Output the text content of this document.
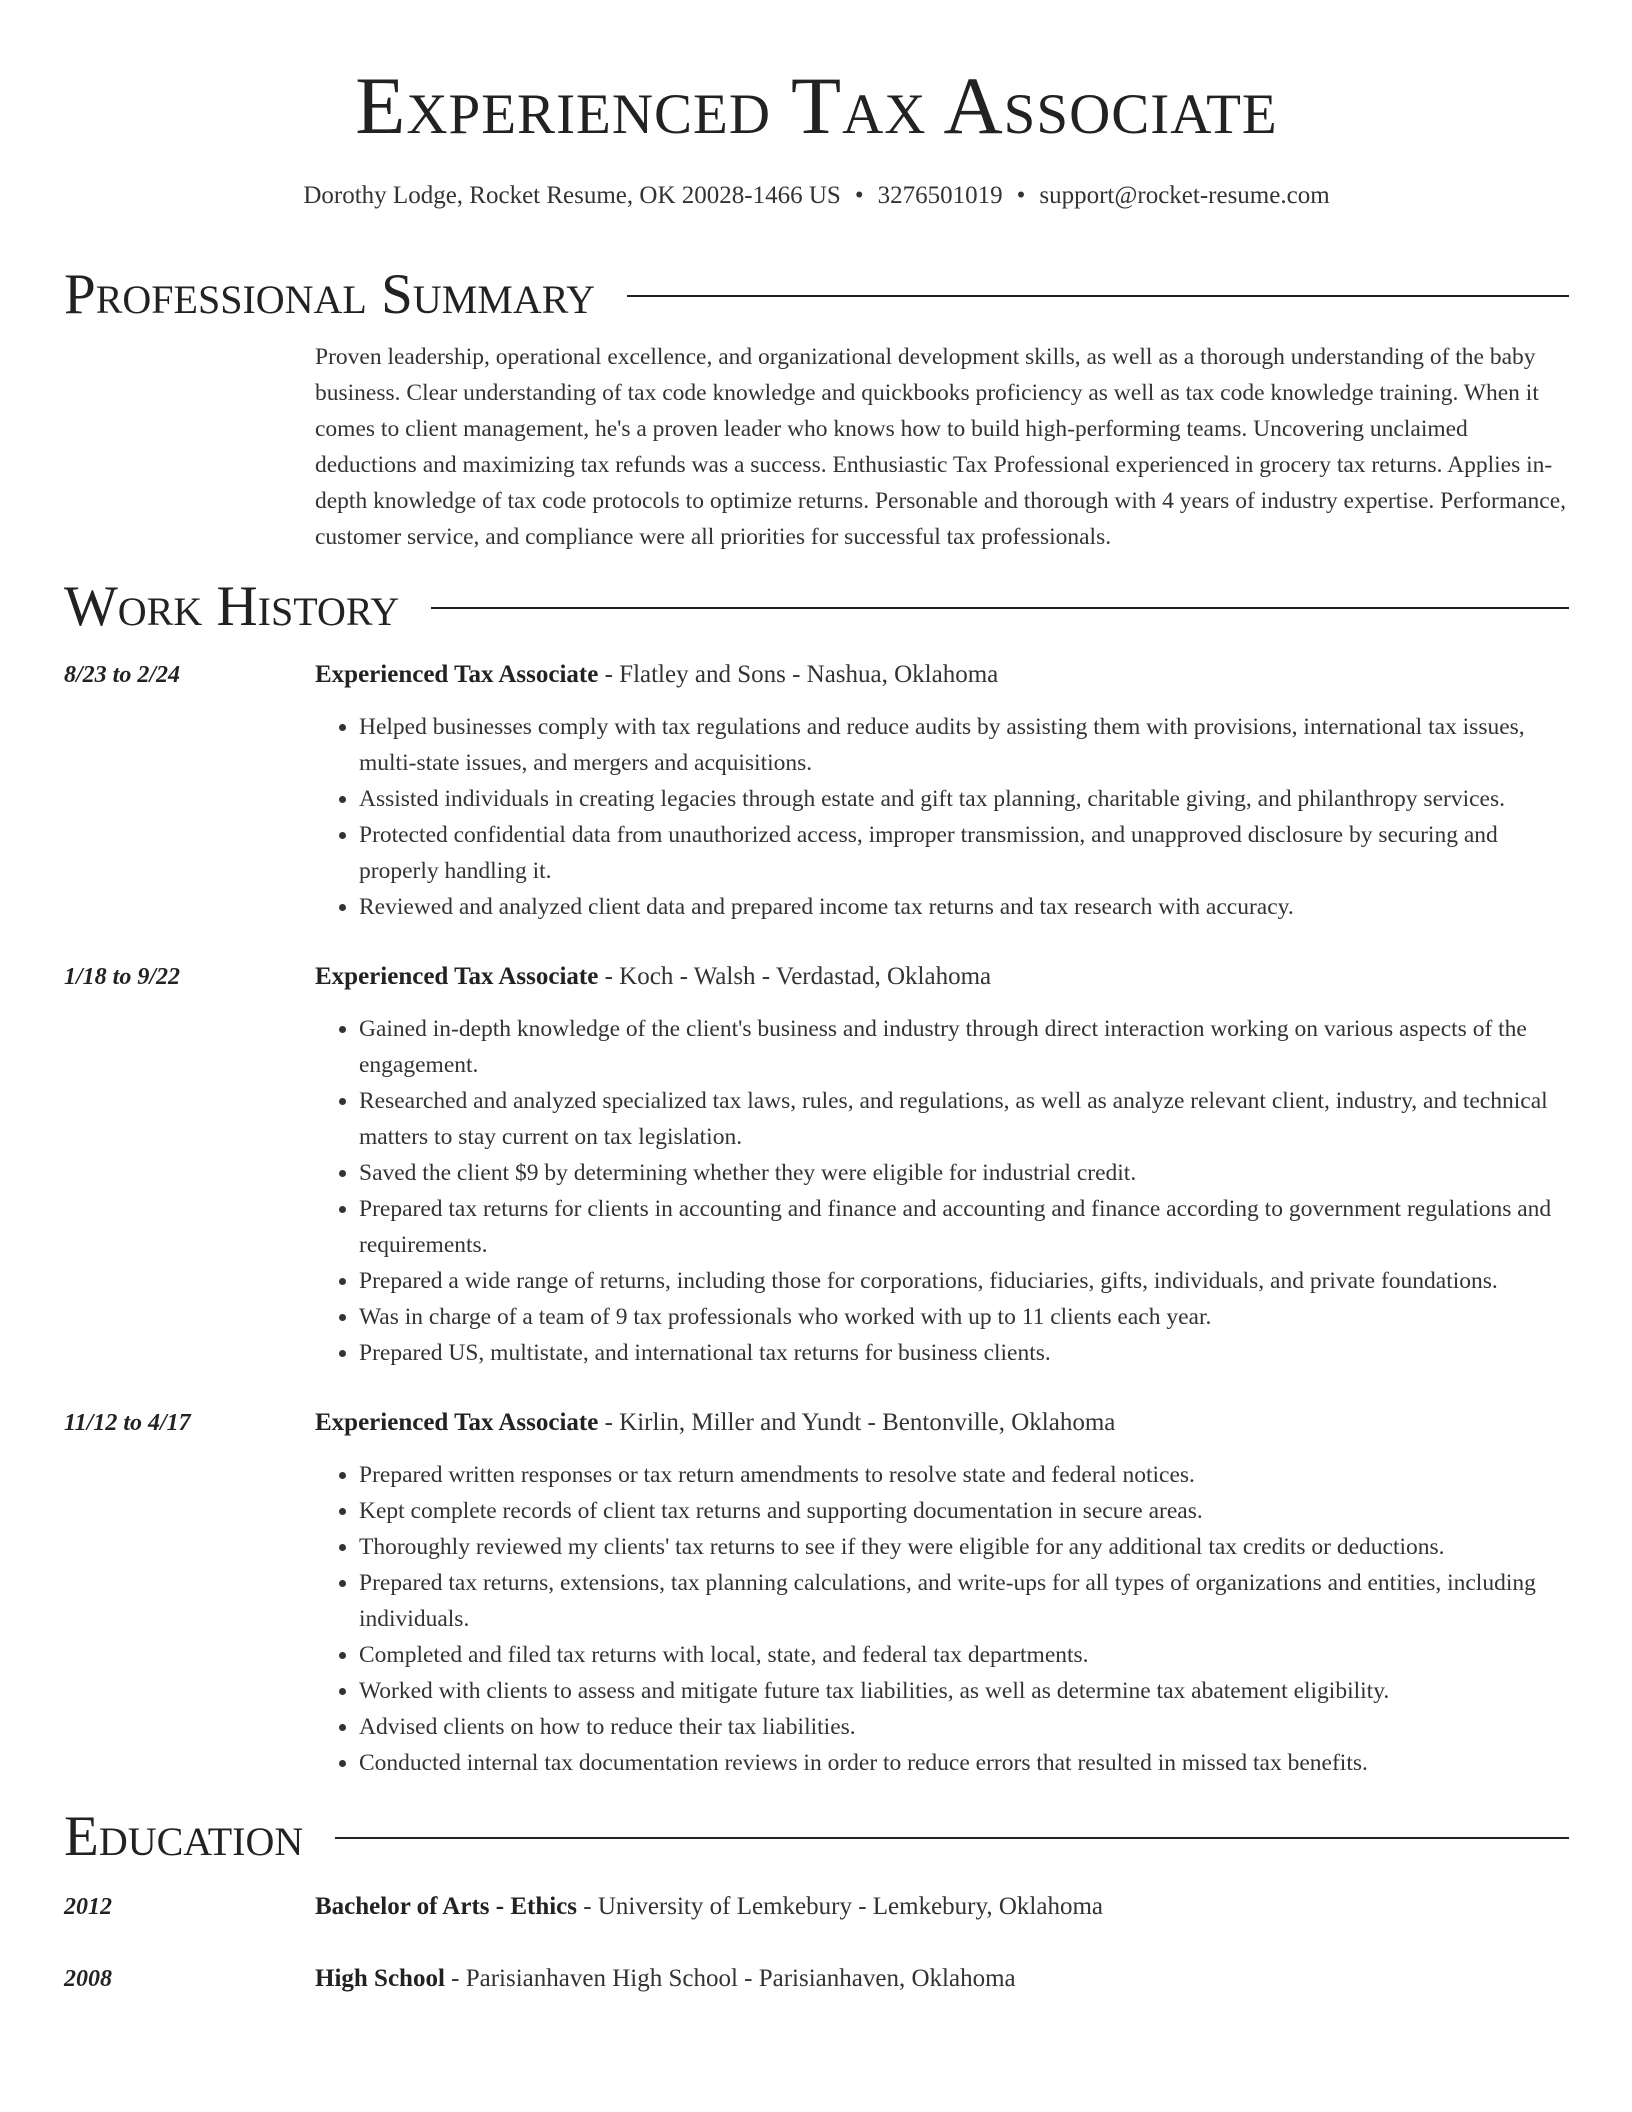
Experienced Tax Associate
Dorothy Lodge, Rocket Resume, OK 20028-1466 US • 3276501019 • support@rocket-resume.com
Professional Summary
Proven leadership, operational excellence, and organizational development skills, as well as a thorough understanding of the baby business. Clear understanding of tax code knowledge and quickbooks proficiency as well as tax code knowledge training. When it comes to client management, he's a proven leader who knows how to build high-performing teams. Uncovering unclaimed deductions and maximizing tax refunds was a success. Enthusiastic Tax Professional experienced in grocery tax returns. Applies in-depth knowledge of tax code protocols to optimize returns. Personable and thorough with 4 years of industry expertise. Performance, customer service, and compliance were all priorities for successful tax professionals.
Work History
8/23 to 2/24	Experienced Tax Associate - Flatley and Sons - Nashua, Oklahoma
• Helped businesses comply with tax regulations and reduce audits by assisting them with provisions, international tax issues, multi-state issues, and mergers and acquisitions.
• Assisted individuals in creating legacies through estate and gift tax planning, charitable giving, and philanthropy services.
• Protected confidential data from unauthorized access, improper transmission, and unapproved disclosure by securing and properly handling it.
• Reviewed and analyzed client data and prepared income tax returns and tax research with accuracy.
1/18 to 9/22	Experienced Tax Associate - Koch - Walsh - Verdastad, Oklahoma
• Gained in-depth knowledge of the client's business and industry through direct interaction working on various aspects of the engagement.
• Researched and analyzed specialized tax laws, rules, and regulations, as well as analyze relevant client, industry, and technical matters to stay current on tax legislation.
• Saved the client $9 by determining whether they were eligible for industrial credit.
• Prepared tax returns for clients in accounting and finance and accounting and finance according to government regulations and requirements.
• Prepared a wide range of returns, including those for corporations, fiduciaries, gifts, individuals, and private foundations.
• Was in charge of a team of 9 tax professionals who worked with up to 11 clients each year.
• Prepared US, multistate, and international tax returns for business clients.
11/12 to 4/17	Experienced Tax Associate - Kirlin, Miller and Yundt - Bentonville, Oklahoma
• Prepared written responses or tax return amendments to resolve state and federal notices.
• Kept complete records of client tax returns and supporting documentation in secure areas.
• Thoroughly reviewed my clients' tax returns to see if they were eligible for any additional tax credits or deductions.
• Prepared tax returns, extensions, tax planning calculations, and write-ups for all types of organizations and entities, including individuals.
• Completed and filed tax returns with local, state, and federal tax departments.
• Worked with clients to assess and mitigate future tax liabilities, as well as determine tax abatement eligibility.
• Advised clients on how to reduce their tax liabilities.
• Conducted internal tax documentation reviews in order to reduce errors that resulted in missed tax benefits.
Education
2012	Bachelor of Arts - Ethics - University of Lemkebury - Lemkebury, Oklahoma
2008	High School - Parisianhaven High School - Parisianhaven, Oklahoma
